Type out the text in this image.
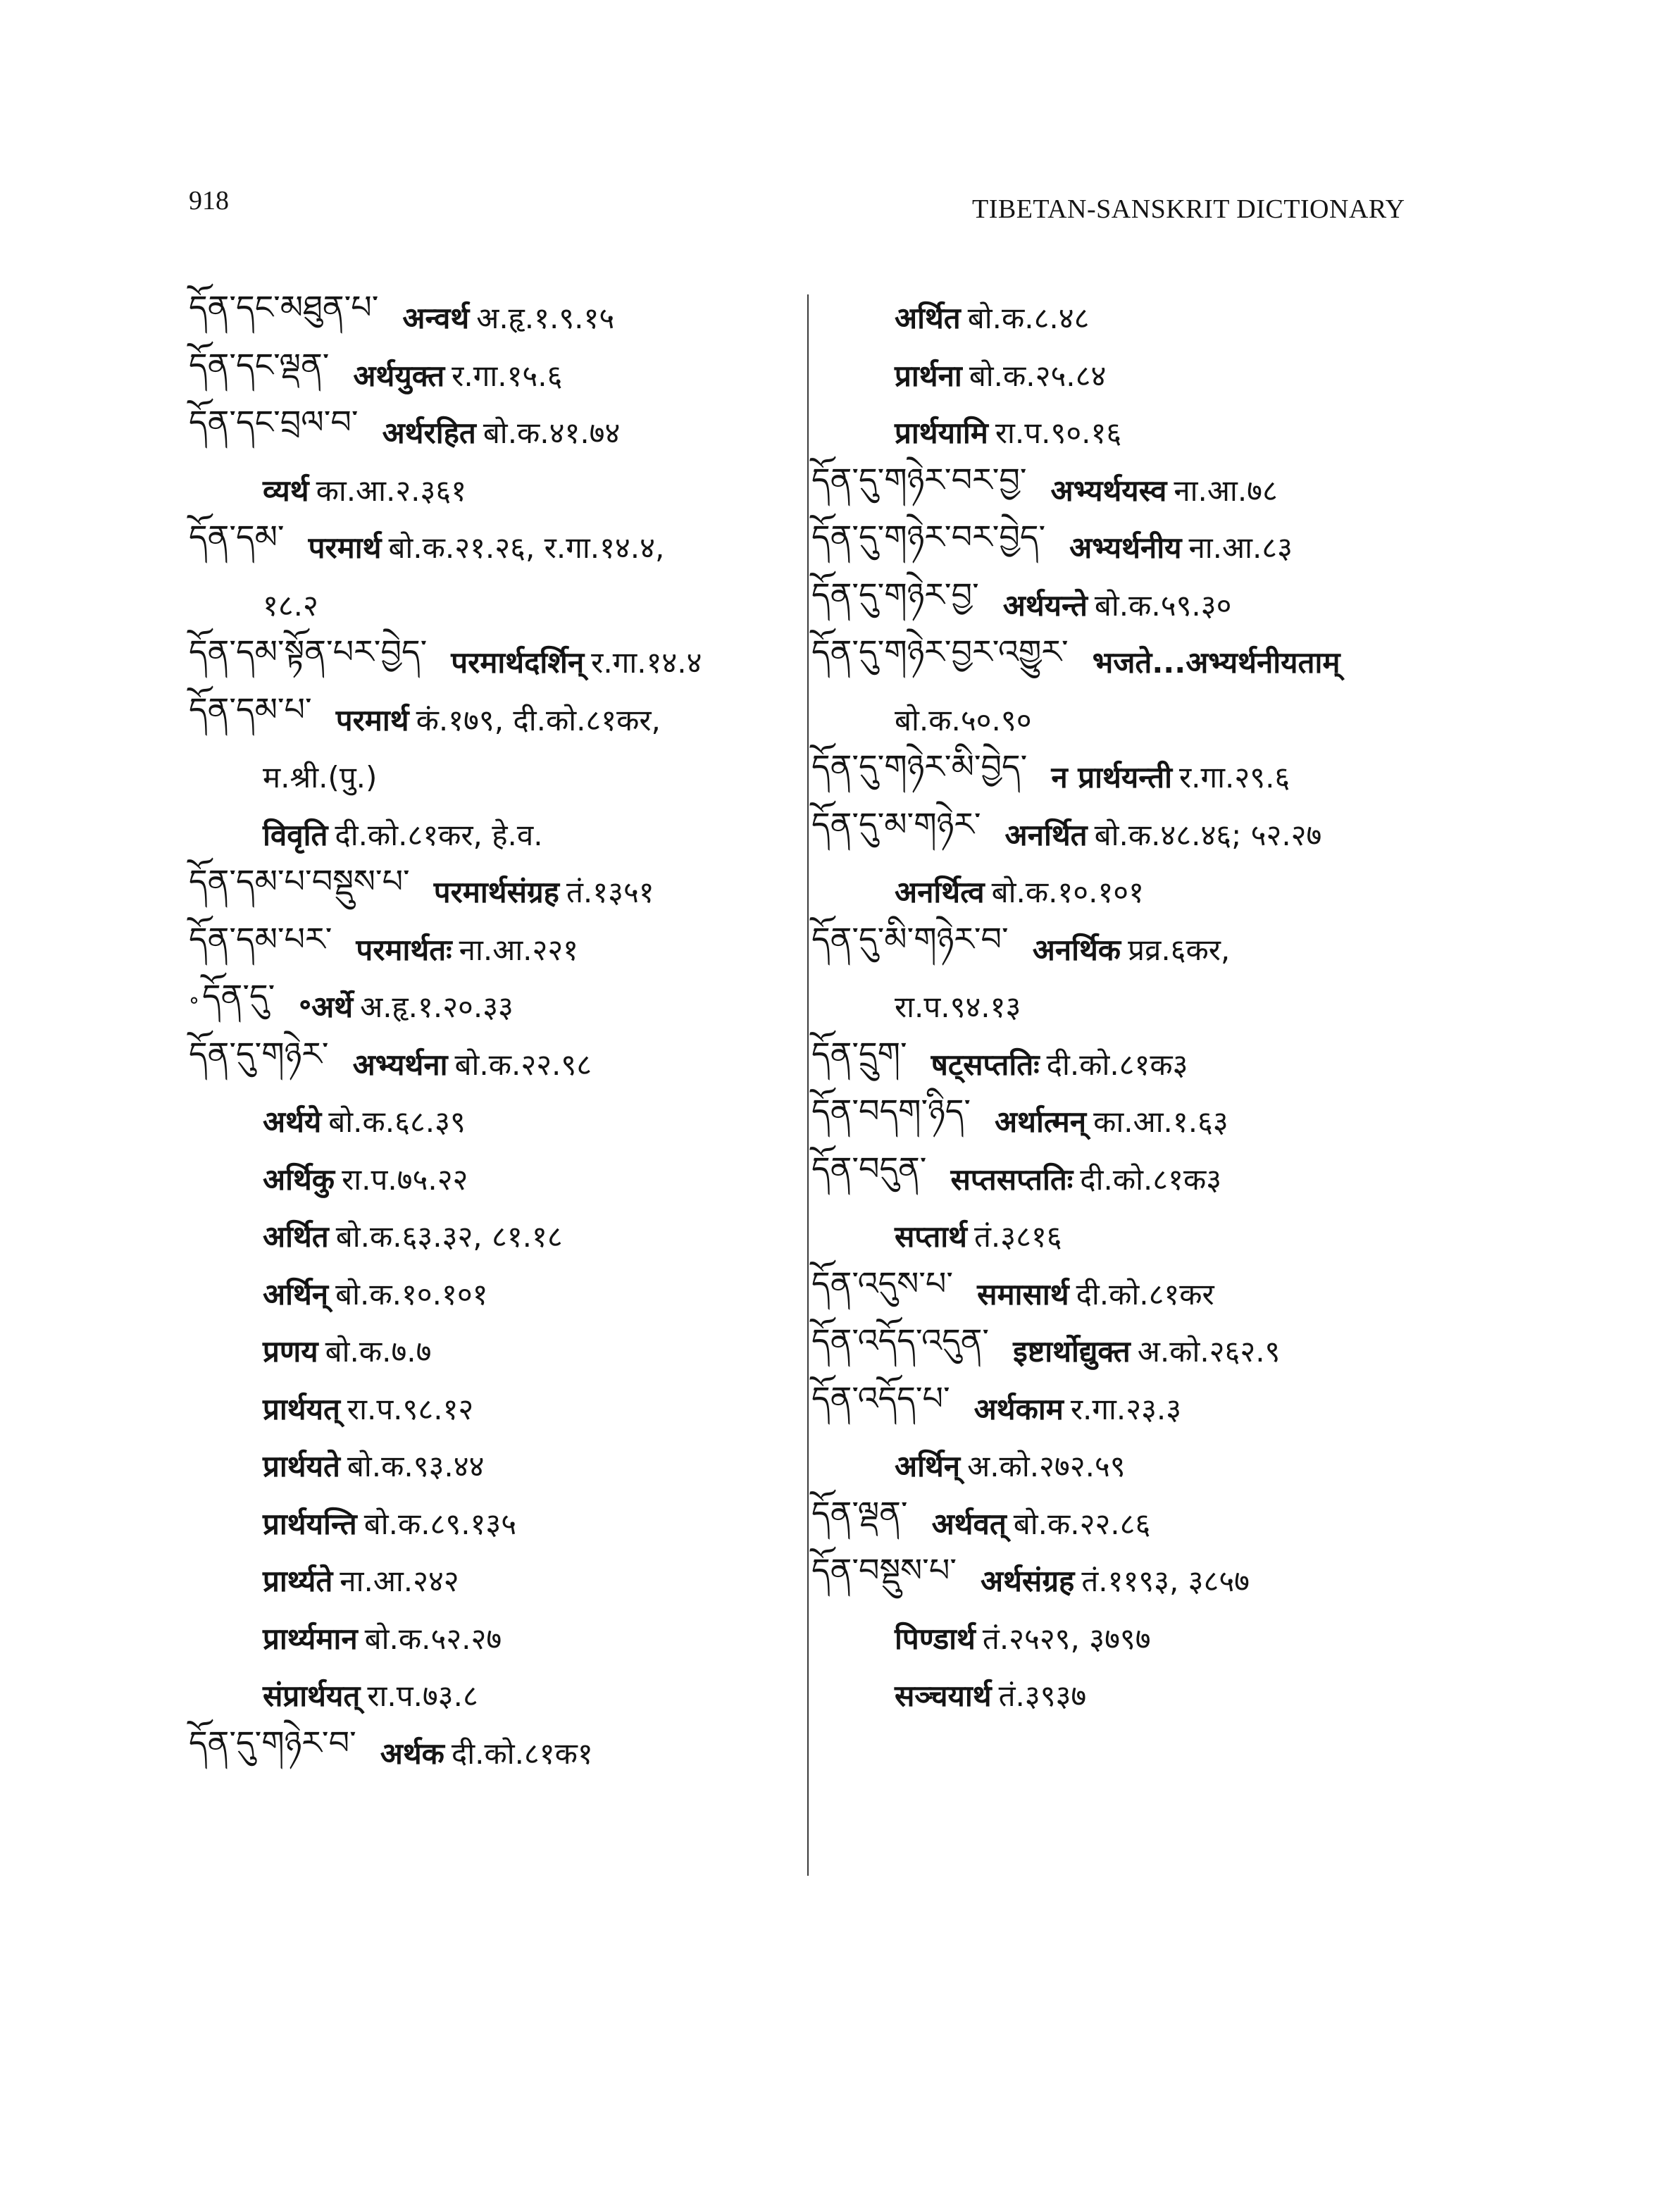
918	TIBETAN-SANSKRIT DICTIONARY
དོན་དང་མཐུན་པ་ अन्वर्थ अ.हृ.१.९.१५
དོན་དང་ལྡན་ अर्थयुक्त र.गा.१५.६
དོན་དང་བྲལ་བ་ अर्थरहित बो.क.४१.७४
व्यर्थ का.आ.२.३६१
དོན་དམ་ परमार्थ बो.क.२१.२६, र.गा.१४.४,
१८.२
དོན་དམ་སྟོན་པར་བྱེད་ परमार्थदर्शिन् र.गा.१४.४
དོན་དམ་པ་ परमार्थ कं.१७९, दी.को.८१कर,
म.श्री.(पु.)
विवृति दी.को.८१कर, हे.व.
དོན་དམ་པ་བསྡུས་པ་ परमार्थसंग्रह तं.१३५१
དོན་དམ་པར་ परमार्थतः ना.आ.२२१
° དོན་དུ་ ॰अर्थे अ.हृ.१.२०.३३
དོན་དུ་གཉེར་ अभ्यर्थना बो.क.२२.९८
अर्थये बो.क.६८.३९
अर्थिकु रा.प.७५.२२
अर्थित बो.क.६३.३२, ८१.१८
अर्थिन् बो.क.१०.१०१
प्रणय बो.क.७.७
प्रार्थयत् रा.प.९८.१२
प्रार्थयते बो.क.९३.४४
प्रार्थयन्ति बो.क.८९.१३५
प्रार्थ्यते ना.आ.२४२
प्रार्थ्यमान बो.क.५२.२७
संप्रार्थयत् रा.प.७३.८
དོན་དུ་གཉེར་བ་ अर्थक दी.को.८१क१
अर्थित बो.क.८.४८
प्रार्थना बो.क.२५.८४
प्रार्थयामि रा.प.९०.१६
དོན་དུ་གཉེར་བར་བྱ་ अभ्यर्थयस्व ना.आ.७८
དོན་དུ་གཉེར་བར་བྱེད་ अभ्यर्थनीय ना.आ.८३
དོན་དུ་གཉེར་བྱ་ अर्थयन्ते बो.क.५९.३०
དོན་དུ་གཉེར་བྱར་འགྱུར་ भजते...अभ्यर्थनीयताम्
बो.क.५०.९०
དོན་དུ་གཉེར་མི་བྱེད་ न प्रार्थयन्ती र.गा.२९.६
དོན་དུ་མ་གཉེར་ अनर्थित बो.क.४८.४६; ५२.२७
अनर्थित्व बो.क.१०.१०१
དོན་དུ་མི་གཉེར་བ་ अनर्थिक प्रव्र.६कर,
रा.प.९४.१३
དོན་དྲུག་ षट्सप्ततिः दी.को.८१क३
དོན་བདག་ཉིད་ अर्थात्मन् का.आ.१.६३
དོན་བདུན་ सप्तसप्ततिः दी.को.८१क३
सप्तार्थ तं.३८१६
དོན་འདུས་པ་ समासार्थ दी.को.८१कर
དོན་འདོད་འདུན་ इष्टार्थोद्युक्त अ.को.२६२.९
དོན་འདོད་པ་ अर्थकाम र.गा.२३.३
अर्थिन् अ.को.२७२.५९
དོན་ལྡན་ अर्थवत् बो.क.२२.८६
དོན་བསྡུས་པ་ अर्थसंग्रह तं.११९३, ३८५७
पिण्डार्थ तं.२५२९, ३७९७
सञ्चयार्थ तं.३९३७
